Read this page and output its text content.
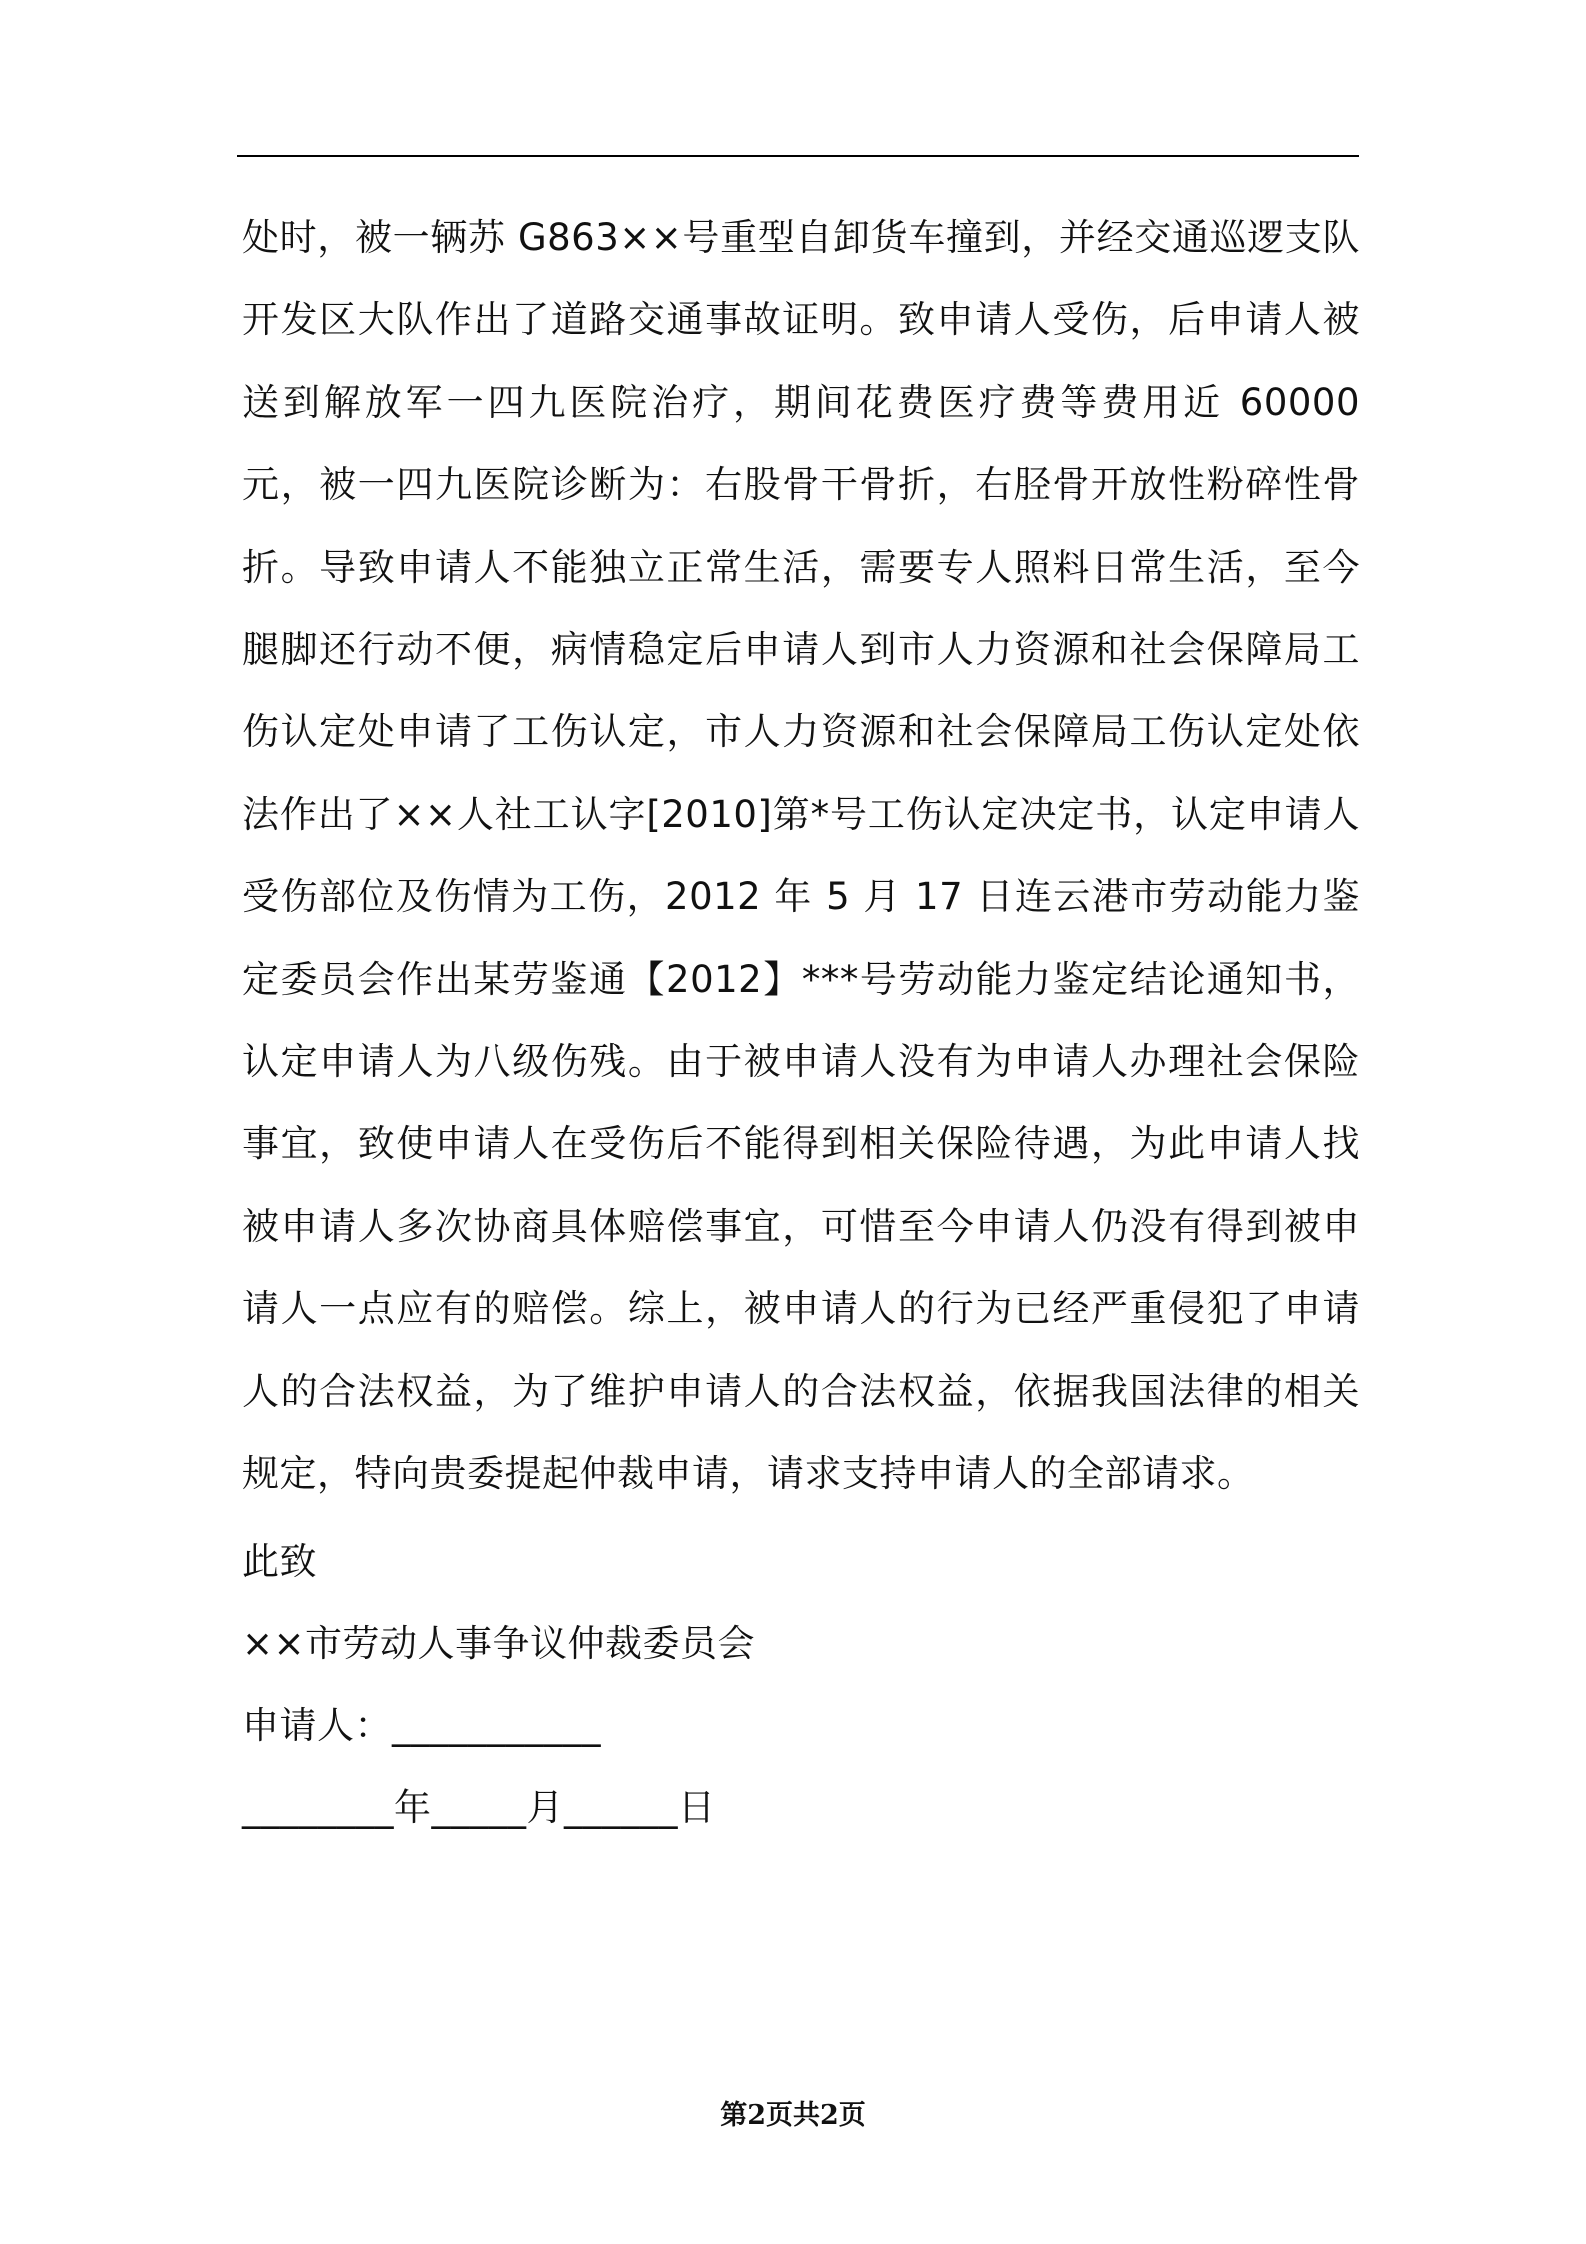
处时，被一辆苏 G863××号重型自卸货车撞到，并经交通巡逻支队开发区大队作出了道路交通事故证明。致申请人受伤，后申请人被送到解放军一四九医院治疗，期间花费医疗费等费用近 60000 元，被一四九医院诊断为：右股骨干骨折，右胫骨开放性粉碎性骨折。导致申请人不能独立正常生活，需要专人照料日常生活，至今腿脚还行动不便，病情稳定后申请人到市人力资源和社会保障局工伤认定处申请了工伤认定，市人力资源和社会保障局工伤认定处依法作出了××人社工认字[2010]第*号工伤认定决定书，认定申请人受伤部位及伤情为工伤，2012 年 5 月 17 日连云港市劳动能力鉴定委员会作出某劳鉴通【2012】***号劳动能力鉴定结论通知书，认定申请人为八级伤残。由于被申请人没有为申请人办理社会保险事宜，致使申请人在受伤后不能得到相关保险待遇，为此申请人找被申请人多次协商具体赔偿事宜，可惜至今申请人仍没有得到被申请人一点应有的赔偿。综上，被申请人的行为已经严重侵犯了申请人的合法权益，为了维护申请人的合法权益，依据我国法律的相关规定，特向贵委提起仲裁申请，请求支持申请人的全部请求。

此致

××市劳动人事争议仲裁委员会

申请人：___________

________年_____月______日

第2页共2页
